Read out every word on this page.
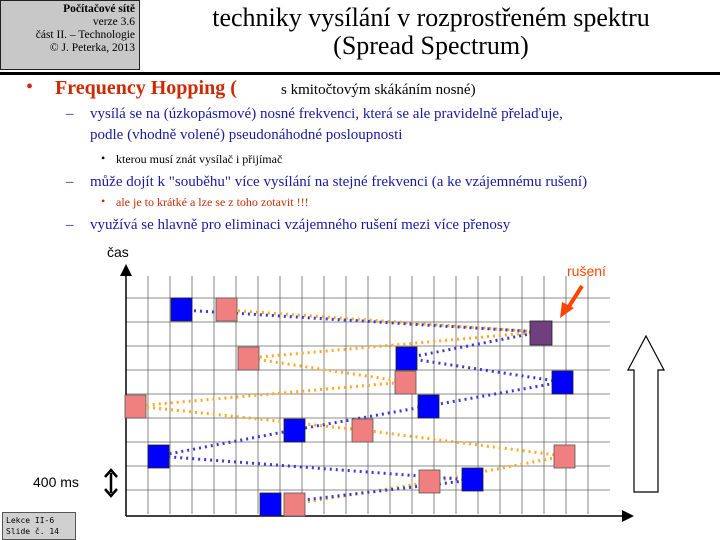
Počítačové sítě
verze 3.6
část II. – Technologie
© J. Peterka, 2013
techniky vysílání v rozprostřeném spektru
(Spread Spectrum)
• Frequency Hopping (	s kmitočtovým skákáním nosné)
– vysílá se na (úzkopásmové) nosné frekvenci, která se ale pravidelně přelaďuje,
podle (vhodně volené) pseudonáhodné posloupnosti
• kterou musí znát vysílač i přijímač
– může dojít k "souběhu" více vysílání na stejné frekvenci (a ke vzájemnému rušení)
• ale je to krátké a lze se z toho zotavit !!!
– využívá se hlavně pro eliminaci vzájemného rušení mezi více přenosy
čas
rušení
400 ms
Lekce II-6
Slide č. 14
